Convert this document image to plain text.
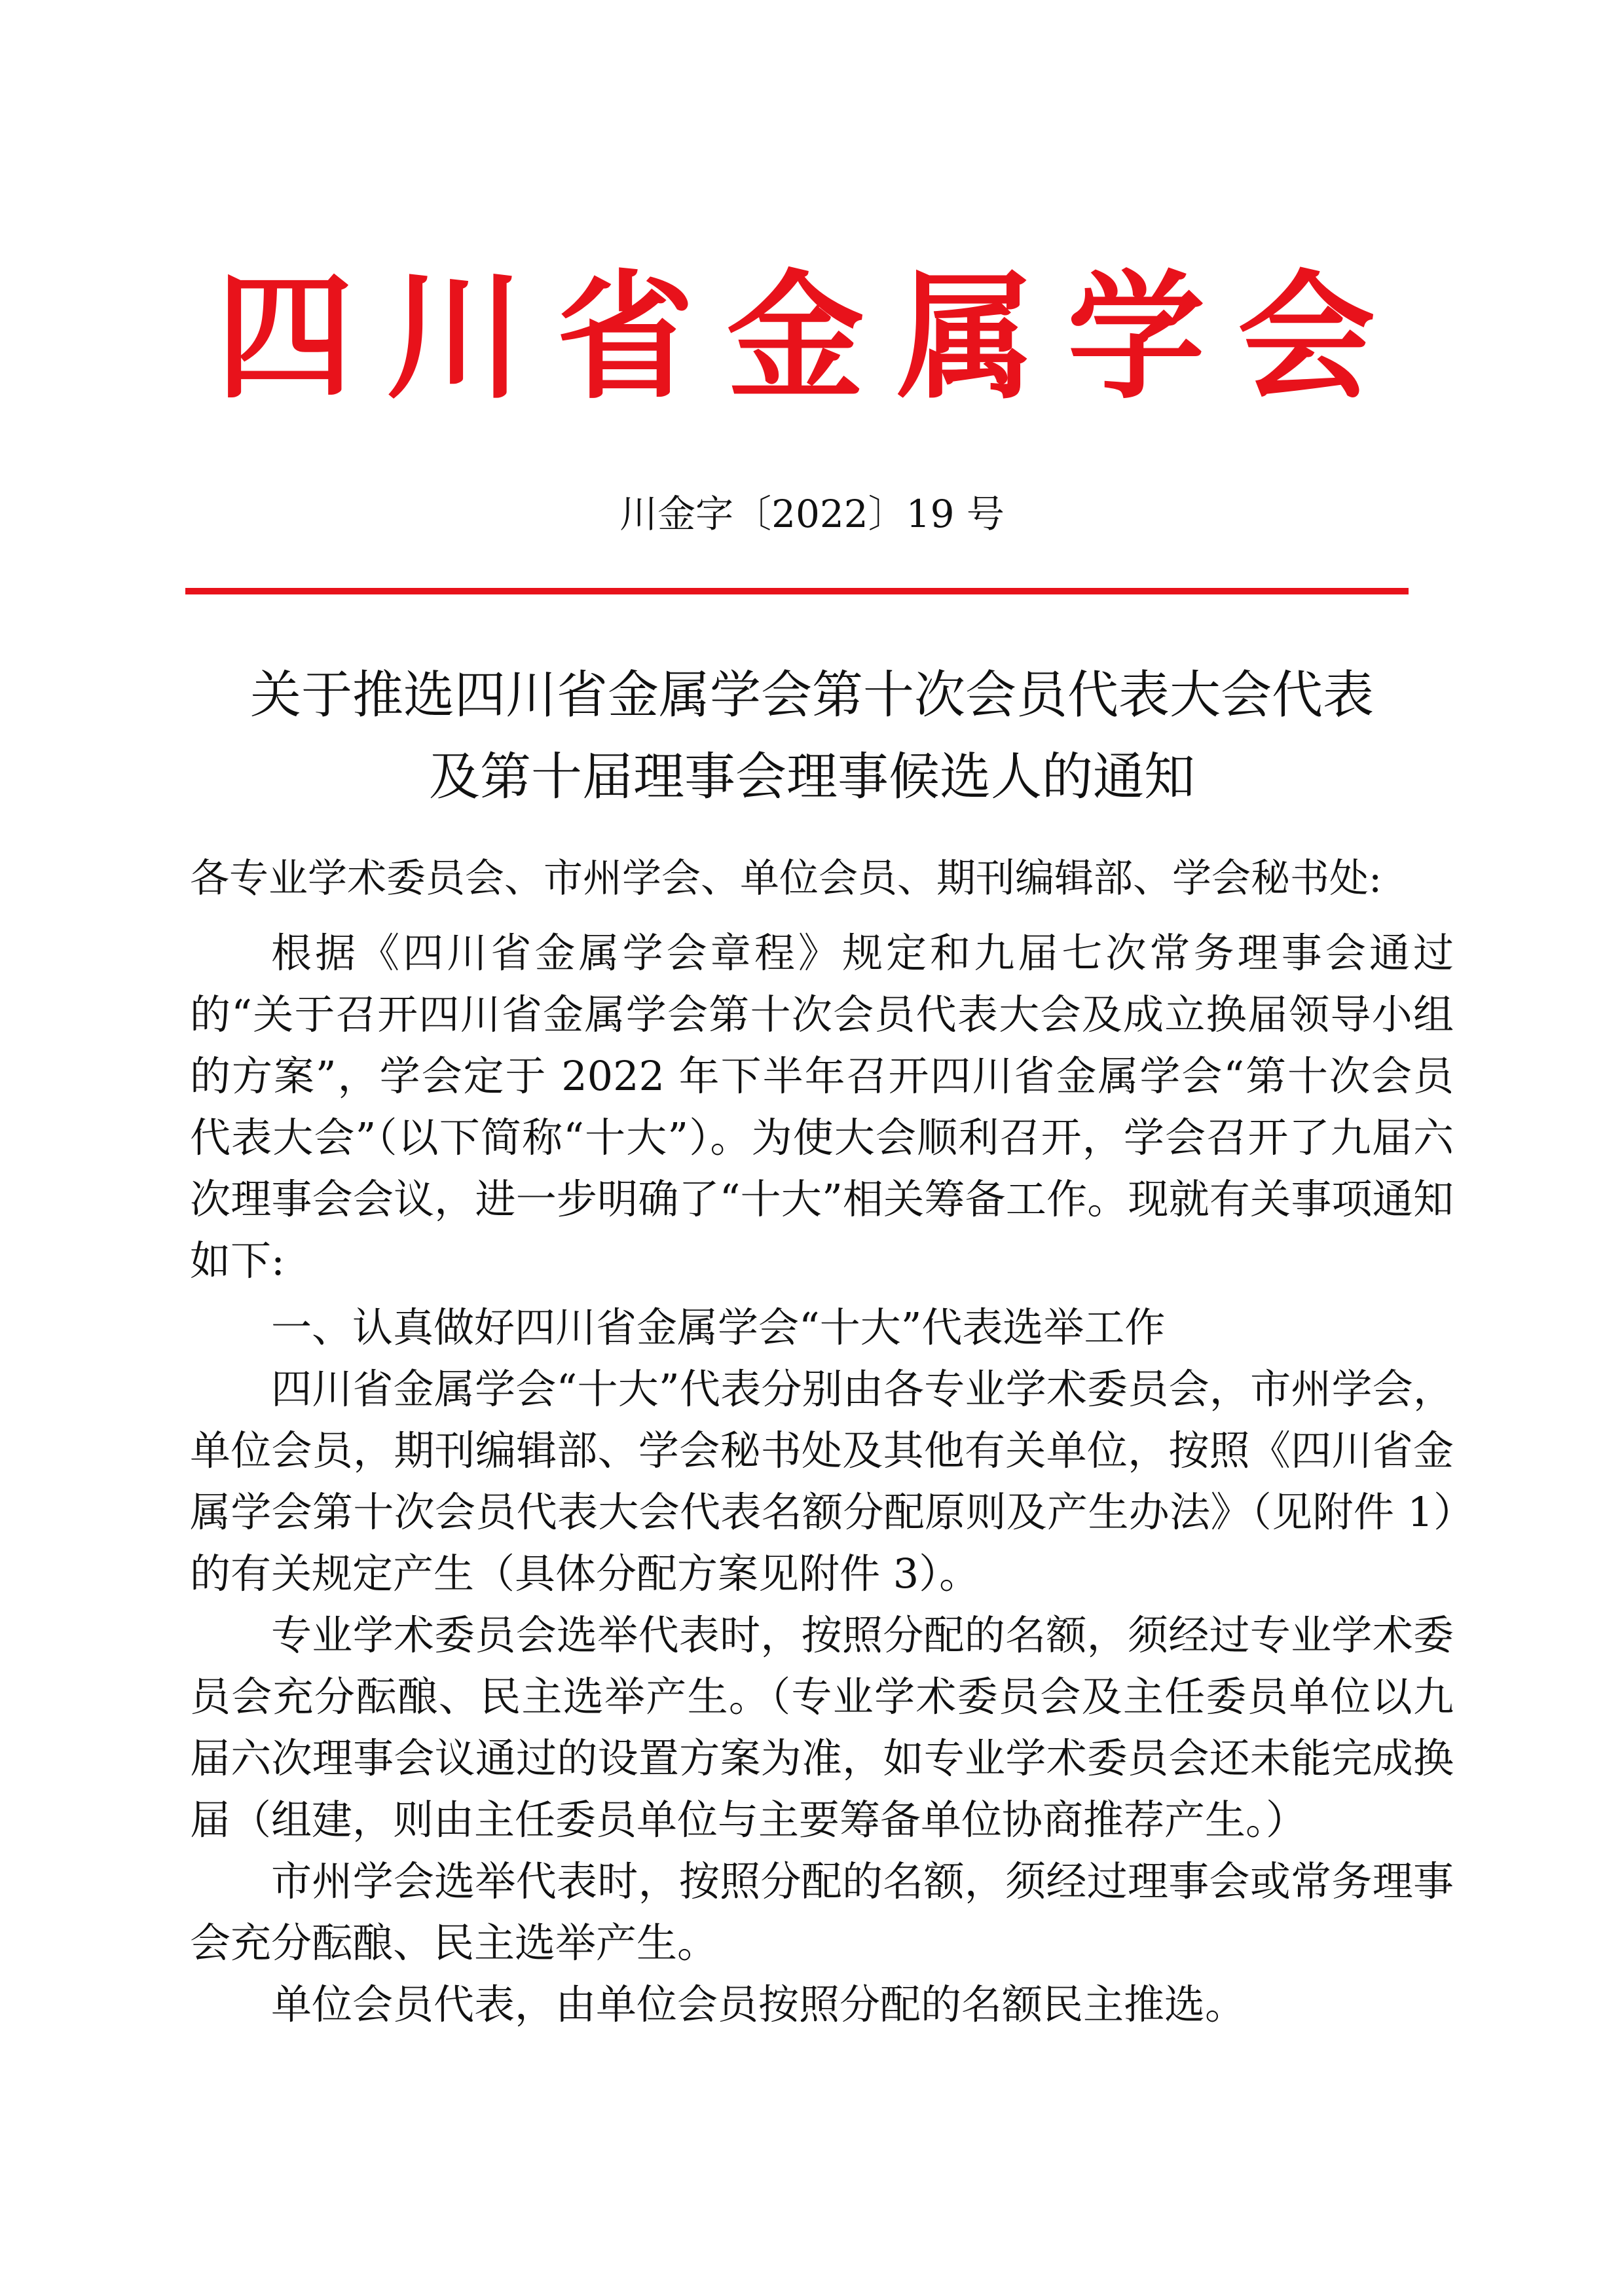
四川省金属学会
川金字〔2022〕19 号
关于推选四川省金属学会第十次会员代表大会代表
及第十届理事会理事候选人的通知

各专业学术委员会、市州学会、单位会员、期刊编辑部、学会秘书处:

根据《四川省金属学会章程》规定和九届七次常务理事会通过的“关于召开四川省金属学会第十次会员代表大会及成立换届领导小组的方案”，学会定于 2022 年下半年召开四川省金属学会“第十次会员代表大会”（以下简称“十大”）。为使大会顺利召开，学会召开了九届六次理事会会议，进一步明确了“十大”相关筹备工作。现就有关事项通知如下:

一、认真做好四川省金属学会“十大”代表选举工作

四川省金属学会“十大”代表分别由各专业学术委员会，市州学会，单位会员，期刊编辑部、学会秘书处及其他有关单位，按照《四川省金属学会第十次会员代表大会代表名额分配原则及产生办法》（见附件 1）的有关规定产生（具体分配方案见附件 3）。

专业学术委员会选举代表时，按照分配的名额，须经过专业学术委员会充分酝酿、民主选举产生。（专业学术委员会及主任委员单位以九届六次理事会议通过的设置方案为准，如专业学术委员会还未能完成换届（组建，则由主任委员单位与主要筹备单位协商推荐产生。）

市州学会选举代表时，按照分配的名额，须经过理事会或常务理事会充分酝酿、民主选举产生。

单位会员代表，由单位会员按照分配的名额民主推选。
